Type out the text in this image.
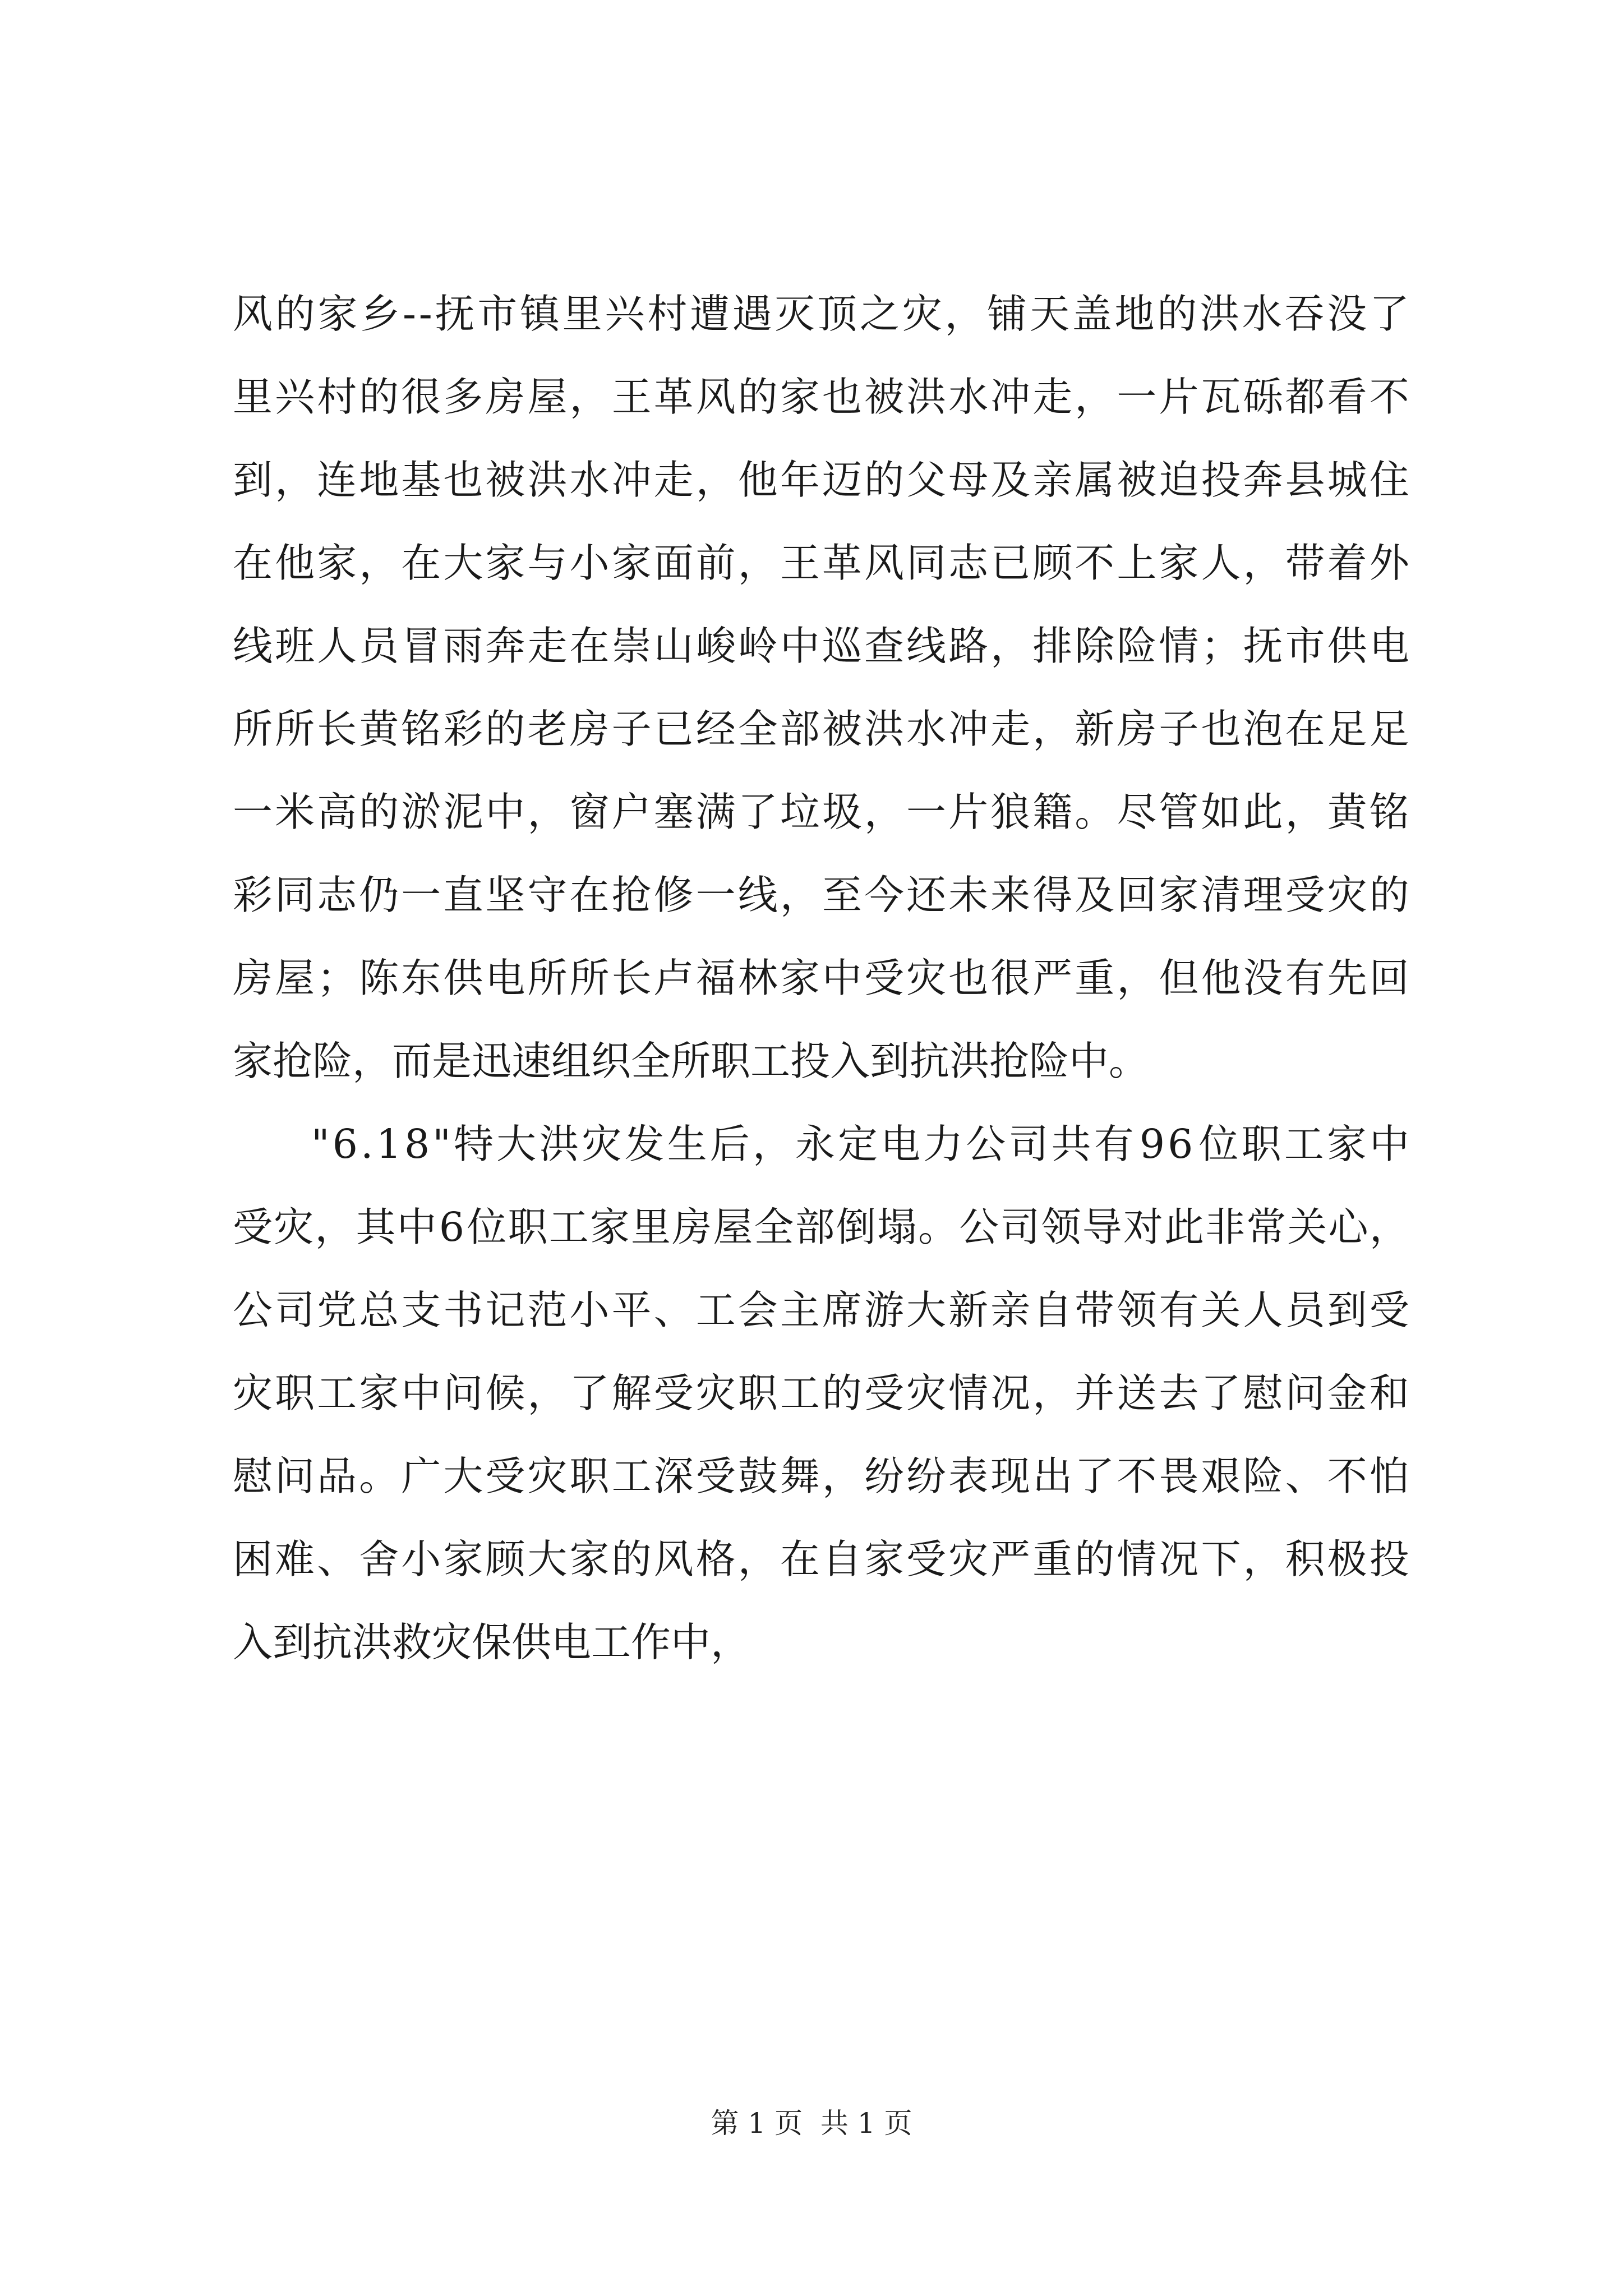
风 的 家 乡 - - 抚 市 镇 里 兴 村 遭 遇 灭 顶 之 灾 ， 铺 天 盖 地 的 洪 水 吞 没 了
里 兴 村 的 很 多 房 屋 ， 王 革 风 的 家 也 被 洪 水 冲 走 ， 一 片 瓦 砾 都 看 不
到 ， 连 地 基 也 被 洪 水 冲 走 ， 他 年 迈 的 父 母 及 亲 属 被 迫 投 奔 县 城 住
在 他 家 ， 在 大 家 与 小 家 面 前 ， 王 革 风 同 志 已 顾 不 上 家 人 ， 带 着 外
线 班 人 员 冒 雨 奔 走 在 崇 山 峻 岭 中 巡 查 线 路 ， 排 除 险 情 ； 抚 市 供 电
所 所 长 黄 铭 彩 的 老 房 子 已 经 全 部 被 洪 水 冲 走 ， 新 房 子 也 泡 在 足 足
一 米 高 的 淤 泥 中 ， 窗 户 塞 满 了 垃 圾 ， 一 片 狼 籍 。 尽 管 如 此 ， 黄 铭
彩 同 志 仍 一 直 坚 守 在 抢 修 一 线 ， 至 今 还 未 来 得 及 回 家 清 理 受 灾 的
房 屋 ； 陈 东 供 电 所 所 长 卢 福 林 家 中 受 灾 也 很 严 重 ， 但 他 没 有 先 回
家抢险，而是迅速组织全所职工投入到抗洪抢险中。
" 6 . 1 8 " 特 大 洪 灾 发 生 后 ， 永 定 电 力 公 司 共 有 9 6 位 职 工 家 中
受 灾 ， 其 中 6 位 职 工 家 里 房 屋 全 部 倒 塌 。 公 司 领 导 对 此 非 常 关 心 ，
公 司 党 总 支 书 记 范 小 平 、 工 会 主 席 游 大 新 亲 自 带 领 有 关 人 员 到 受
灾 职 工 家 中 问 候 ， 了 解 受 灾 职 工 的 受 灾 情 况 ， 并 送 去 了 慰 问 金 和
慰 问 品 。 广 大 受 灾 职 工 深 受 鼓 舞 ， 纷 纷 表 现 出 了 不 畏 艰 险 、 不 怕
困 难 、 舍 小 家 顾 大 家 的 风 格 ， 在 自 家 受 灾 严 重 的 情 况 下 ， 积 极 投
入到抗洪救灾保供电工作中，
第 1 页  共 1 页
